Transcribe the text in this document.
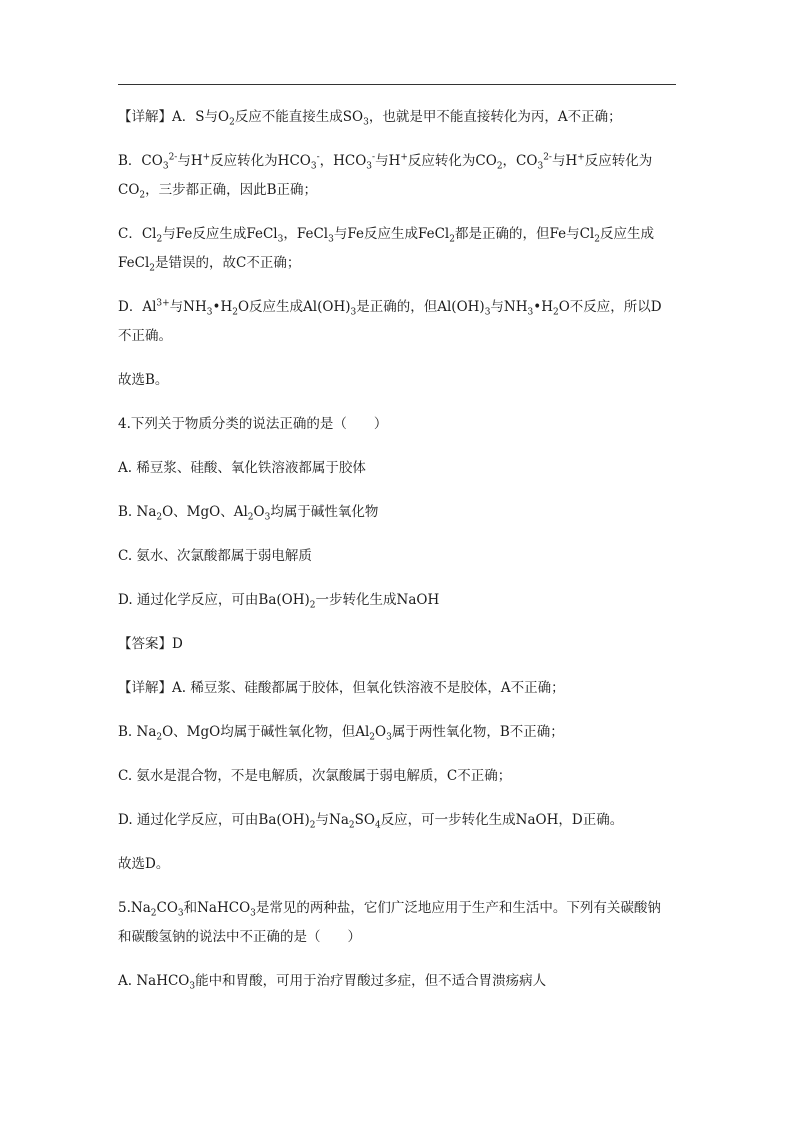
【详解】A．S与$O_2$反应不能直接生成$SO_3$，也就是甲不能直接转化为丙，A不正确；

B．$CO_3^{2-}$与H+反应转化为$HCO_3^-$，$HCO_3^-$与H+反应转化为$CO_2$，$CO_3^{2-}$与H+反应转化为
$CO_2$，三步都正确，因此B正确；

C．$Cl_2$与Fe反应生成FeCl$_3$，FeCl$_3$与Fe反应生成FeCl$_2$都是正确的，但Fe与$Cl_2$反应生成
FeCl$_2$是错误的，故C不正确；

D．$Al^{3+}$与$NH_3•H_2O$反应生成$Al(OH)_3$是正确的，但$Al(OH)_3$与$NH_3•H_2O$不反应，所以D
不正确。

故选B。

4.下列关于物质分类的说法正确的是（　　）

A. 稀豆浆、硅酸、氧化铁溶液都属于胶体

B. $Na_2O$、MgO、$Al_2O_3$均属于碱性氧化物

C. 氨水、次氯酸都属于弱电解质

D. 通过化学反应，可由$Ba(OH)_2$一步转化生成NaOH

【答案】D

【详解】A. 稀豆浆、硅酸都属于胶体，但氧化铁溶液不是胶体，A不正确；

B. $Na_2O$、MgO均属于碱性氧化物，但$Al_2O_3$属于两性氧化物，B不正确；

C. 氨水是混合物，不是电解质，次氯酸属于弱电解质，C不正确；

D. 通过化学反应，可由$Ba(OH)_2$与$Na_2SO_4$反应，可一步转化生成NaOH，D正确。

故选D。

$5.Na_2CO_3$和NaHCO$_3$是常见的两种盐，它们广泛地应用于生产和生活中。下列有关碳酸钠
和碳酸氢钠的说法中不正确的是（　　）

A. NaHCO$_3$能中和胃酸，可用于治疗胃酸过多症，但不适合胃溃疡病人
